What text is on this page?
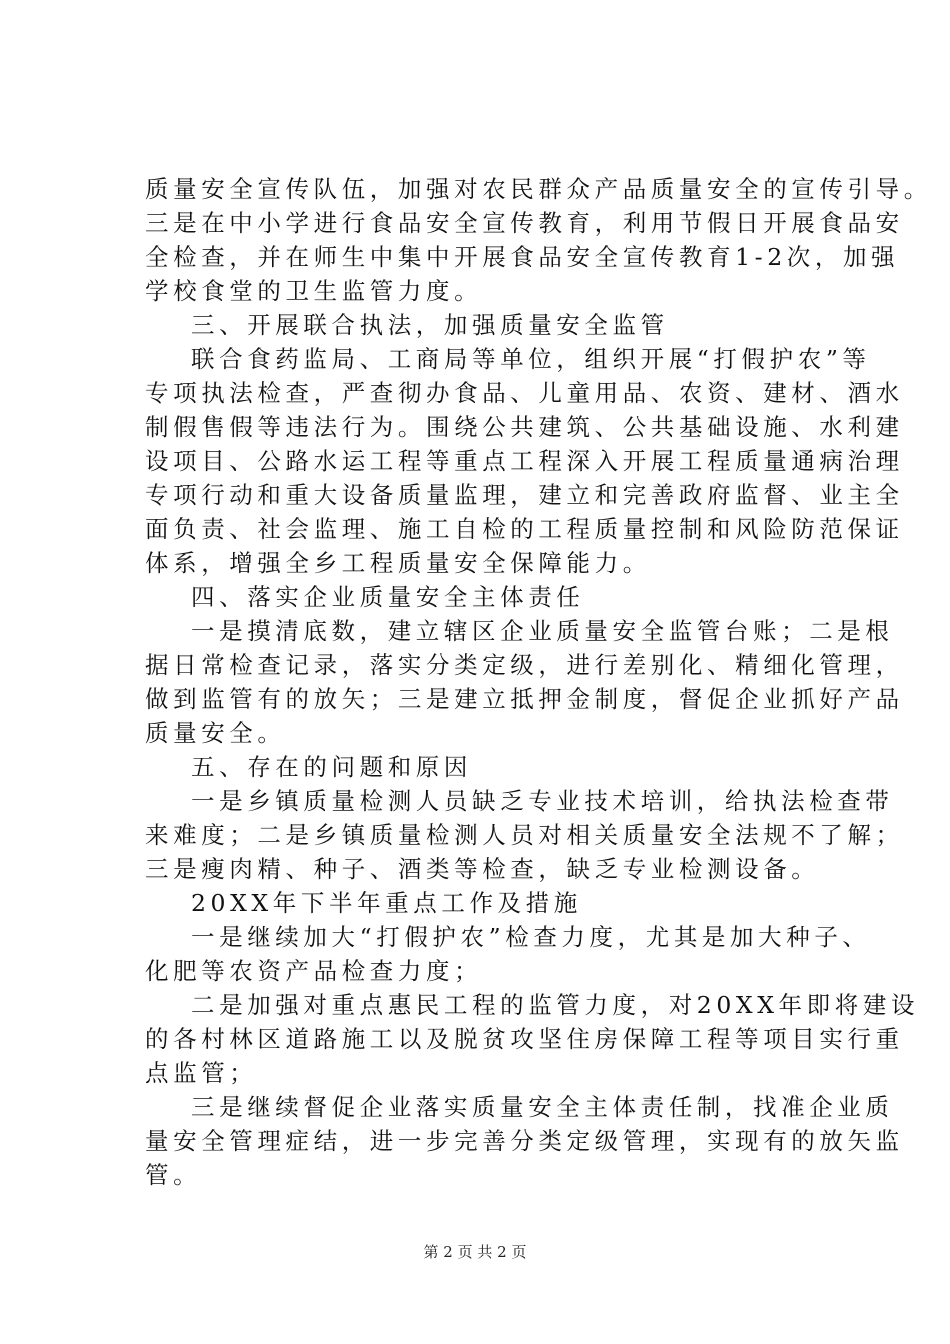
质量安全宣传队伍，加强对农民群众产品质量安全的宣传引导。

三是在中小学进行食品安全宣传教育，利用节假日开展食品安

全检查，并在师生中集中开展食品安全宣传教育1-2次，加强

学校食堂的卫生监管力度。

三、开展联合执法，加强质量安全监管

联合食药监局、工商局等单位，组织开展“打假护农”等

专项执法检查，严查彻办食品、儿童用品、农资、建材、酒水

制假售假等违法行为。围绕公共建筑、公共基础设施、水利建

设项目、公路水运工程等重点工程深入开展工程质量通病治理

专项行动和重大设备质量监理，建立和完善政府监督、业主全

面负责、社会监理、施工自检的工程质量控制和风险防范保证

体系，增强全乡工程质量安全保障能力。

四、落实企业质量安全主体责任

一是摸清底数，建立辖区企业质量安全监管台账；二是根

据日常检查记录，落实分类定级，进行差别化、精细化管理，

做到监管有的放矢；三是建立抵押金制度，督促企业抓好产品

质量安全。

五、存在的问题和原因

一是乡镇质量检测人员缺乏专业技术培训，给执法检查带

来难度；二是乡镇质量检测人员对相关质量安全法规不了解；

三是瘦肉精、种子、酒类等检查，缺乏专业检测设备。

20XX年下半年重点工作及措施

一是继续加大“打假护农”检查力度，尤其是加大种子、

化肥等农资产品检查力度；

二是加强对重点惠民工程的监管力度，对20XX年即将建设

的各村林区道路施工以及脱贫攻坚住房保障工程等项目实行重

点监管；

三是继续督促企业落实质量安全主体责任制，找准企业质

量安全管理症结，进一步完善分类定级管理，实现有的放矢监

管。

第 2 页 共 2 页
